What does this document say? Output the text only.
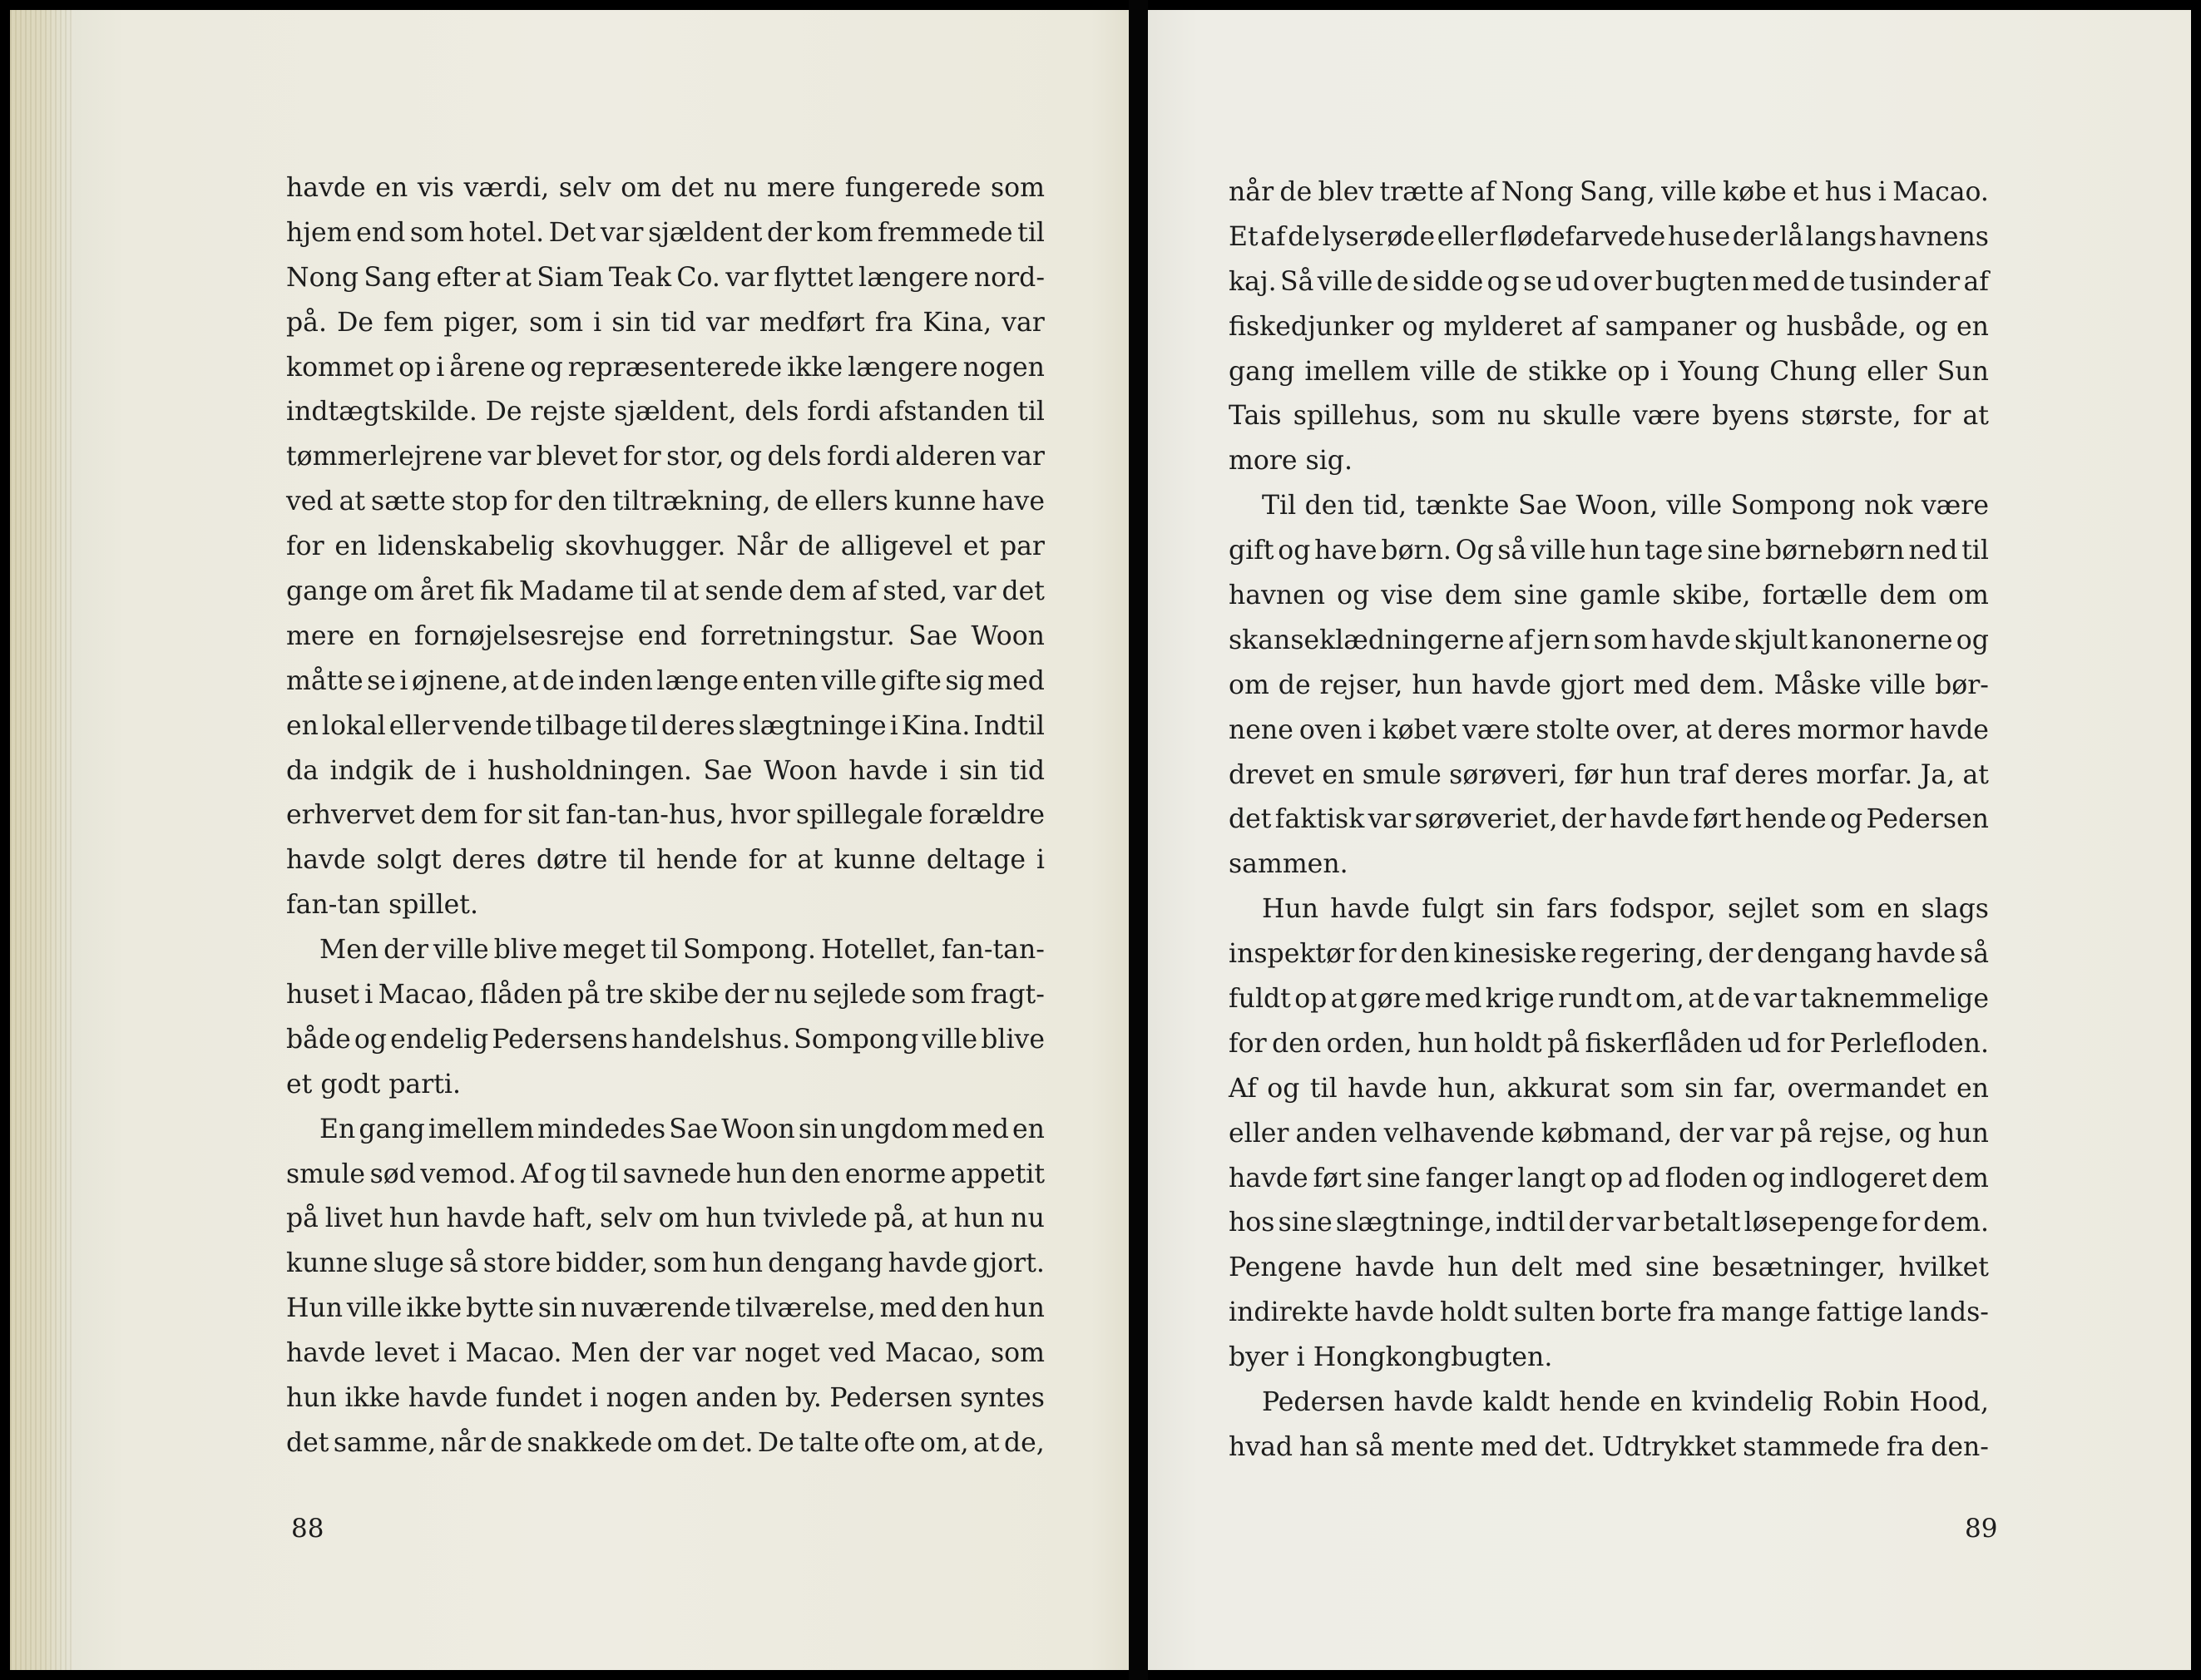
havde en vis værdi, selv om det nu mere fungerede som
hjem end som hotel. Det var sjældent der kom fremmede til
Nong Sang efter at Siam Teak Co. var flyttet længere nord-
på. De fem piger, som i sin tid var medført fra Kina, var
kommet op i årene og repræsenterede ikke længere nogen
indtægtskilde. De rejste sjældent, dels fordi afstanden til
tømmerlejrene var blevet for stor, og dels fordi alderen var
ved at sætte stop for den tiltrækning, de ellers kunne have
for en lidenskabelig skovhugger. Når de alligevel et par
gange om året fik Madame til at sende dem af sted, var det
mere en fornøjelsesrejse end forretningstur. Sae Woon
måtte se i øjnene, at de inden længe enten ville gifte sig med
en lokal eller vende tilbage til deres slægtninge i Kina. Indtil
da indgik de i husholdningen. Sae Woon havde i sin tid
erhvervet dem for sit fan-tan-hus, hvor spillegale forældre
havde solgt deres døtre til hende for at kunne deltage i
fan-tan spillet.
Men der ville blive meget til Sompong. Hotellet, fan-tan-
huset i Macao, flåden på tre skibe der nu sejlede som fragt-
både og endelig Pedersens handelshus. Sompong ville blive
et godt parti.
En gang imellem mindedes Sae Woon sin ungdom med en
smule sød vemod. Af og til savnede hun den enorme appetit
på livet hun havde haft, selv om hun tvivlede på, at hun nu
kunne sluge så store bidder, som hun dengang havde gjort.
Hun ville ikke bytte sin nuværende tilværelse, med den hun
havde levet i Macao. Men der var noget ved Macao, som
hun ikke havde fundet i nogen anden by. Pedersen syntes
det samme, når de snakkede om det. De talte ofte om, at de,
88
når de blev trætte af Nong Sang, ville købe et hus i Macao.
Et af de lyserøde eller flødefarvede huse der lå langs havnens
kaj. Så ville de sidde og se ud over bugten med de tusinder af
fiskedjunker og mylderet af sampaner og husbåde, og en
gang imellem ville de stikke op i Young Chung eller Sun
Tais spillehus, som nu skulle være byens største, for at
more sig.
Til den tid, tænkte Sae Woon, ville Sompong nok være
gift og have børn. Og så ville hun tage sine børnebørn ned til
havnen og vise dem sine gamle skibe, fortælle dem om
skanseklædningerne af jern som havde skjult kanonerne og
om de rejser, hun havde gjort med dem. Måske ville bør-
nene oven i købet være stolte over, at deres mormor havde
drevet en smule sørøveri, før hun traf deres morfar. Ja, at
det faktisk var sørøveriet, der havde ført hende og Pedersen
sammen.
Hun havde fulgt sin fars fodspor, sejlet som en slags
inspektør for den kinesiske regering, der dengang havde så
fuldt op at gøre med krige rundt om, at de var taknemmelige
for den orden, hun holdt på fiskerflåden ud for Perlefloden.
Af og til havde hun, akkurat som sin far, overmandet en
eller anden velhavende købmand, der var på rejse, og hun
havde ført sine fanger langt op ad floden og indlogeret dem
hos sine slægtninge, indtil der var betalt løsepenge for dem.
Pengene havde hun delt med sine besætninger, hvilket
indirekte havde holdt sulten borte fra mange fattige lands-
byer i Hongkongbugten.
Pedersen havde kaldt hende en kvindelig Robin Hood,
hvad han så mente med det. Udtrykket stammede fra den-
89
